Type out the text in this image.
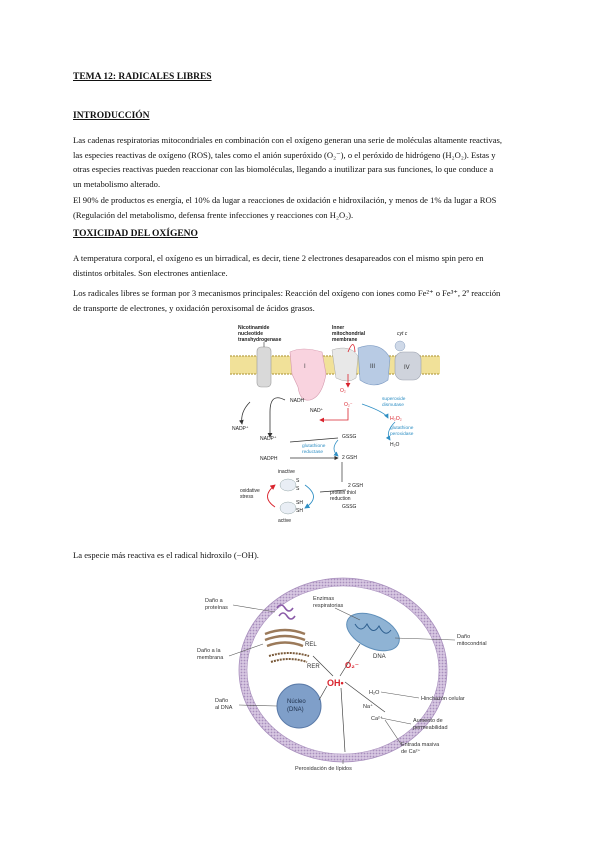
TEMA 12: RADICALES LIBRES
INTRODUCCIÓN
Las cadenas respiratorias mitocondriales en combinación con el oxígeno generan una serie de moléculas altamente reactivas,
las especies reactivas de oxígeno (ROS), tales como el anión superóxido (O₂⁻), o el peróxido de hidrógeno (H₂O₂). Estas y
otras especies reactivas pueden reaccionar con las biomoléculas, llegando a inutilizar para sus funciones, lo que conduce a
un metabolismo alterado.
El 90% de productos es energía, el 10% da lugar a reacciones de oxidación e hidroxilación, y menos de 1% da lugar a ROS
(Regulación del metabolismo, defensa frente infecciones y reacciones con H₂O₂).
TOXICIDAD DEL OXÍGENO
A temperatura corporal, el oxígeno es un birradical, es decir, tiene 2 electrones desapareados con el mismo spin pero en
distintos orbitales. Son electrones antienlace.
Los radicales libres se forman por 3 mecanismos principales: Reacción del oxígeno con iones como Fe²⁺ o Fe³⁺, 2º reacción
de transporte de electrones, y oxidación peroxisomal de ácidos grasos.
Nicotinamide
nucleotide
transhydrogenase
Inner
mitochondrial
membrane
cyt c
I	III	IV
O₂
O₂⁻
NADH
NAD⁺
NADP⁺
NADP⁺
NADPH
GSSG
2 GSH
2 GSH
glutathione
reductase
superoxide
dismutase
glutathione
peroxidase
H₂O₂
H₂O
inactive
active
oxidative
stress
protein thiol
reduction
GSSG
S
S
SH
SH
La especie más reactiva es el radical hidroxilo (−OH).
DNA
REL
RER
Núcleo
(DNA)
O₂⁻
OH•
Daño a
proteínas
Enzimas
respiratorias
Daño
mitocondrial
Daño a la
membrana
Daño
al DNA
H₂O
Na⁺
Ca²⁺
Hinchazón celular
Aumento de
permeabilidad
Entrada masiva
de Ca²⁺
Peroxidación de lípidos
